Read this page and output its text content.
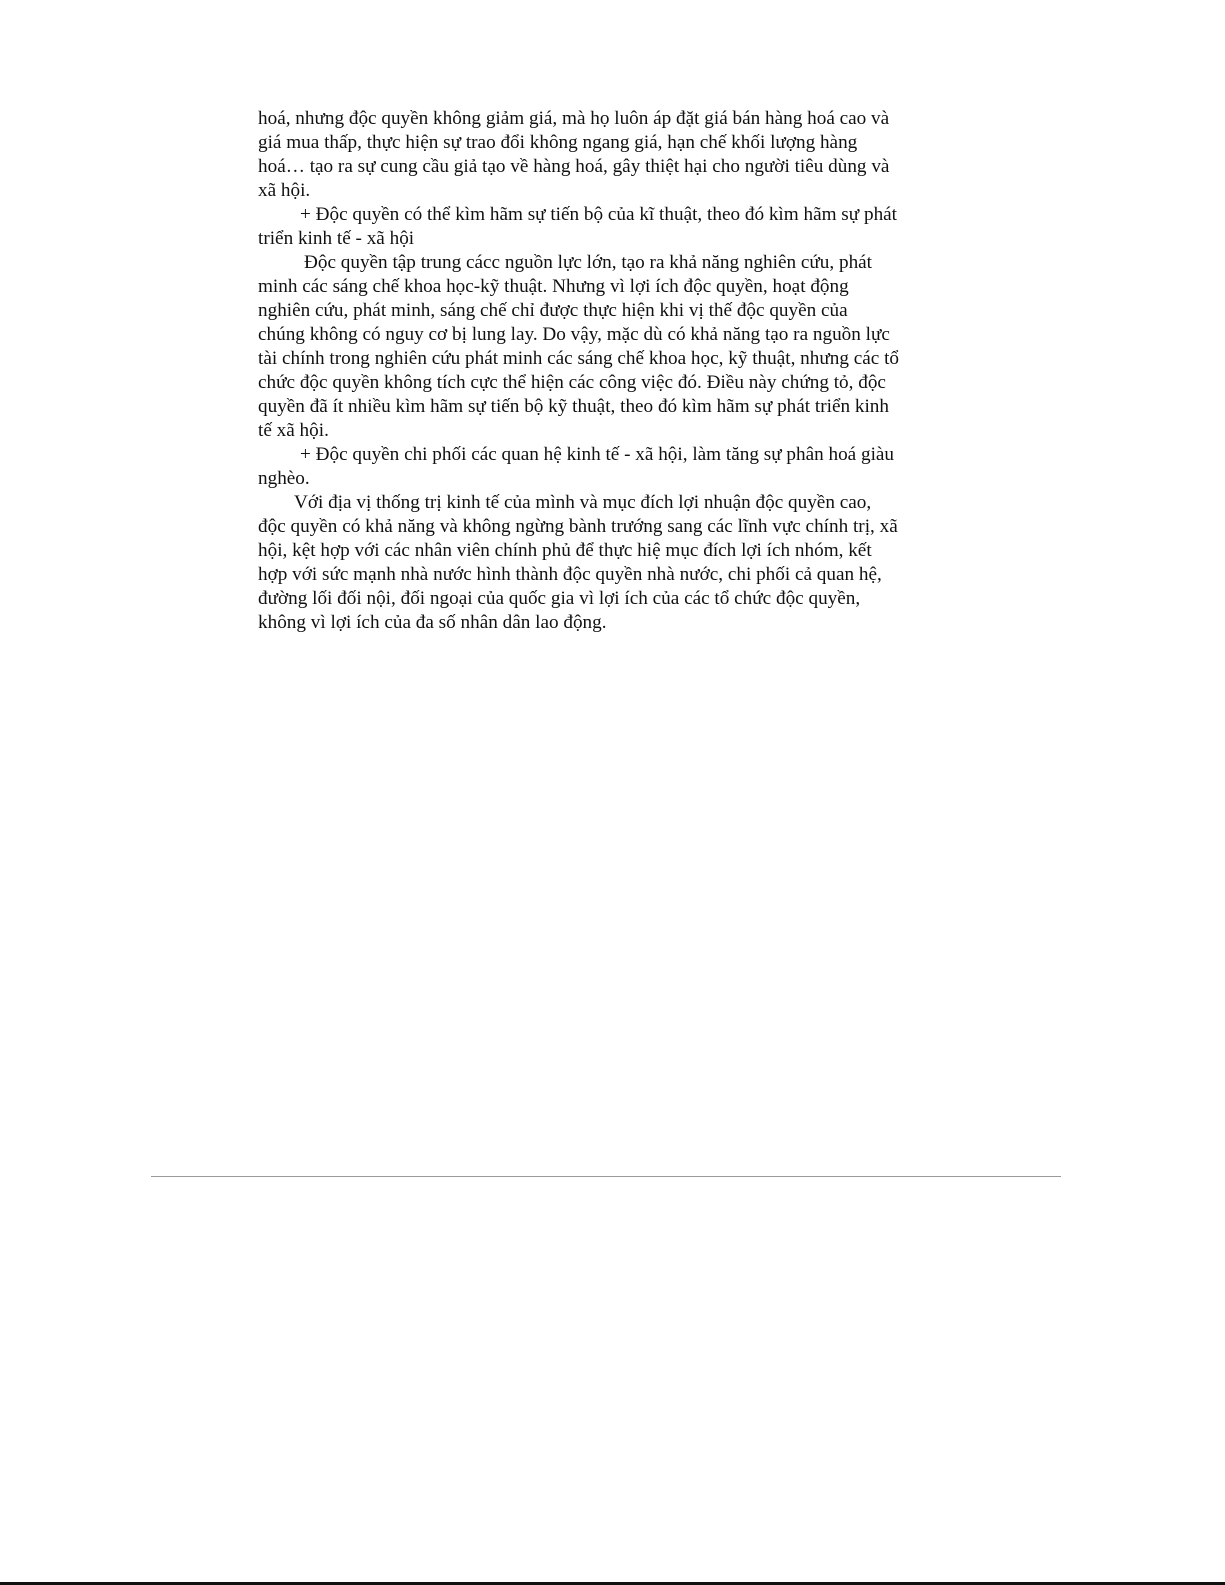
hoá, nhưng độc quyền không giảm giá, mà họ luôn áp đặt giá bán hàng hoá cao và
giá mua thấp, thực hiện sự trao đổi không ngang giá, hạn chế khối lượng hàng
hoá… tạo ra sự cung cầu giả tạo về hàng hoá, gây thiệt hại cho người tiêu dùng và
xã hội.
+ Độc quyền có thể kìm hãm sự tiến bộ của kĩ thuật, theo đó kìm hãm sự phát
triển kinh tế - xã hội
Độc quyền tập trung cácc nguồn lực lớn, tạo ra khả năng nghiên cứu, phát
minh các sáng chế khoa học-kỹ thuật. Nhưng vì lợi ích độc quyền, hoạt động
nghiên cứu, phát minh, sáng chế chỉ được thực hiện khi vị thế độc quyền của
chúng không có nguy cơ bị lung lay. Do vậy, mặc dù có khả năng tạo ra nguồn lực
tài chính trong nghiên cứu phát minh các sáng chế khoa học, kỹ thuật, nhưng các tổ
chức độc quyền không tích cực thể hiện các công việc đó. Điều này chứng tỏ, độc
quyền đã ít nhiều kìm hãm sự tiến bộ kỹ thuật, theo đó kìm hãm sự phát triển kinh
tế xã hội.
+ Độc quyền chi phối các quan hệ kinh tế - xã hội, làm tăng sự phân hoá giàu
nghèo.
Với địa vị thống trị kinh tế của mình và mục đích lợi nhuận độc quyền cao,
độc quyền có khả năng và không ngừng bành trướng sang các lĩnh vực chính trị, xã
hội, kệt hợp với các nhân viên chính phủ để thực hiệ mục đích lợi ích nhóm, kết
hợp với sức mạnh nhà nước hình thành độc quyền nhà nước, chi phối cả quan hệ,
đường lối đối nội, đối ngoại của quốc gia vì lợi ích của các tổ chức độc quyền,
không vì lợi ích của đa số nhân dân lao động.
